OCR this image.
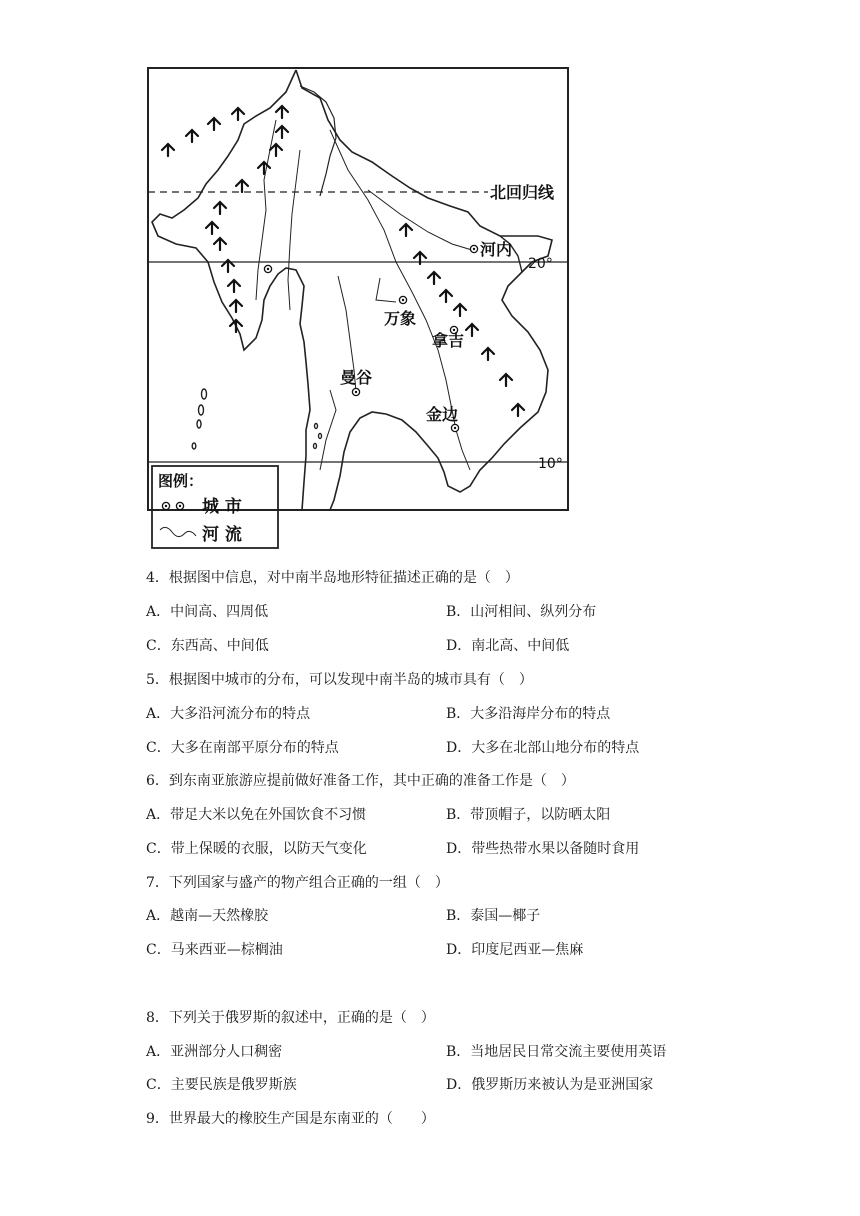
北回归线
河内
20°
万象
拿吉
曼谷
金边
10°
图例：
城 市
河 流
4．根据图中信息，对中南半岛地形特征描述正确的是（　）
A．中间高、四周低	B．山河相间、纵列分布
C．东西高、中间低	D．南北高、中间低
5．根据图中城市的分布，可以发现中南半岛的城市具有（　）
A．大多沿河流分布的特点	B．大多沿海岸分布的特点
C．大多在南部平原分布的特点	D．大多在北部山地分布的特点
6．到东南亚旅游应提前做好准备工作，其中正确的准备工作是（　）
A．带足大米以免在外国饮食不习惯	B．带顶帽子，以防晒太阳
C．带上保暖的衣服，以防天气变化	D．带些热带水果以备随时食用
7．下列国家与盛产的物产组合正确的一组（　）
A．越南—天然橡胶	B．泰国—椰子
C．马来西亚—棕榈油	D．印度尼西亚—焦麻
8．下列关于俄罗斯的叙述中，正确的是（　）
A．亚洲部分人口稠密	B．当地居民日常交流主要使用英语
C．主要民族是俄罗斯族	D．俄罗斯历来被认为是亚洲国家
9．世界最大的橡胶生产国是东南亚的（　　）
